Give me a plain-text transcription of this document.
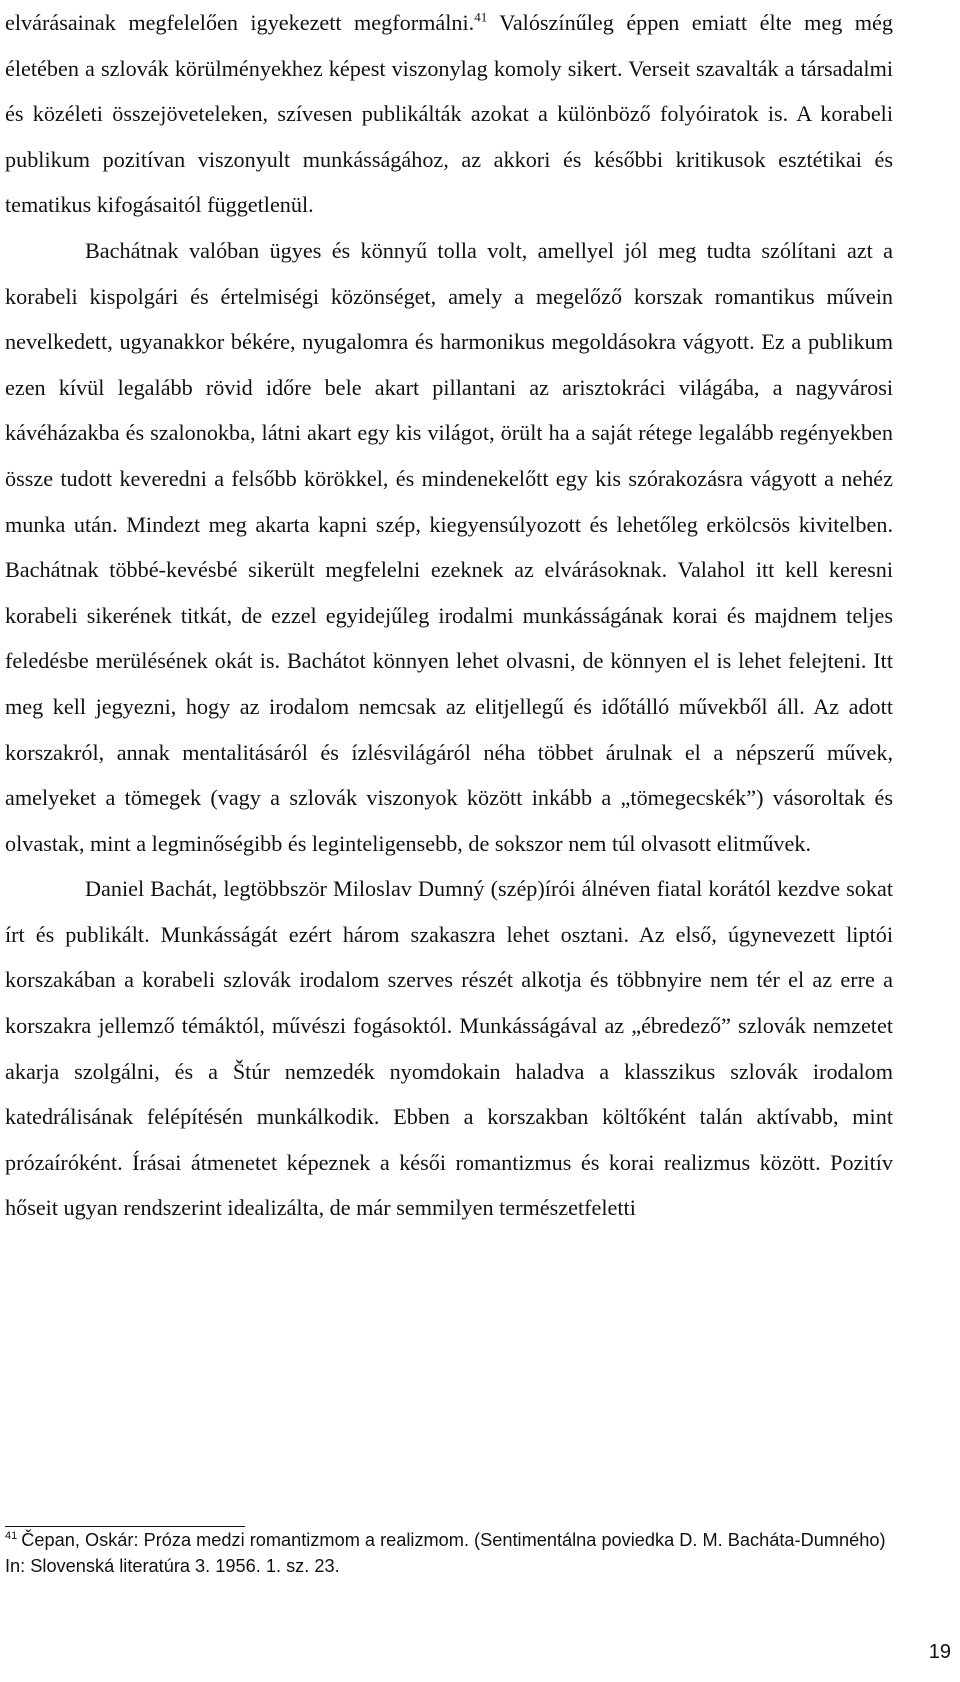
elvárásainak megfelelően igyekezett megformálni.$^{41}$ Valószínűleg éppen emiatt élte meg még életében a szlovák körülményekhez képest viszonylag komoly sikert. Verseit szavalták a társadalmi és közéleti összejöveteleken, szívesen publikálták azokat a különböző folyóiratok is. A korabeli publikum pozitívan viszonyult munkásságához, az akkori és későbbi kritikusok esztétikai és tematikus kifogásaitól függetlenül.

Bachátnak valóban ügyes és könnyű tolla volt, amellyel jól meg tudta szólítani azt a korabeli kispolgári és értelmiségi közönséget, amely a megelőző korszak romantikus művein nevelkedett, ugyanakkor békére, nyugalomra és harmonikus megoldásokra vágyott. Ez a publikum ezen kívül legalább rövid időre bele akart pillantani az arisztokráci világába, a nagyvárosi kávéházakba és szalonokba, látni akart egy kis világot, örült ha a saját rétege legalább regényekben össze tudott keveredni a felsőbb körökkel, és mindenekelőtt egy kis szórakozásra vágyott a nehéz munka után. Mindezt meg akarta kapni szép, kiegyensúlyozott és lehetőleg erkölcsös kivitelben. Bachátnak többé-kevésbé sikerült megfelelni ezeknek az elvárásoknak. Valahol itt kell keresni korabeli sikerének titkát, de ezzel egyidejűleg irodalmi munkásságának korai és majdnem teljes feledésbe merülésének okát is. Bachátot könnyen lehet olvasni, de könnyen el is lehet felejteni. Itt meg kell jegyezni, hogy az irodalom nemcsak az elitjellegű és időtálló művekből áll. Az adott korszakról, annak mentalitásáról és ízlésvilágáról néha többet árulnak el a népszerű művek, amelyeket a tömegek (vagy a szlovák viszonyok között inkább a „tömegecskék”) vásoroltak és olvastak, mint a legminőségibb és leginteligensebb, de sokszor nem túl olvasott elitművek.

Daniel Bachát, legtöbbször Miloslav Dumný (szép)írói álnéven fiatal korától kezdve sokat írt és publikált. Munkásságát ezért három szakaszra lehet osztani. Az első, úgynevezett liptói korszakában a korabeli szlovák irodalom szerves részét alkotja és többnyire nem tér el az erre a korszakra jellemző témáktól, művészi fogásoktól. Munkásságával az „ébredező” szlovák nemzetet akarja szolgálni, és a Štúr nemzedék nyomdokain haladva a klasszikus szlovák irodalom katedrálisának felépítésén munkálkodik. Ebben a korszakban költőként talán aktívabb, mint prózaíróként. Írásai átmenetet képeznek a késői romantizmus és korai realizmus között. Pozitív hőseit ugyan rendszerint idealizálta, de már semmilyen természetfeletti

$^{41}$ Čepan, Oskár: Próza medzi romantizmom a realizmom. (Sentimentálna poviedka D. M. Bacháta-Dumného) In: Slovenská literatúra 3. 1956. 1. sz. 23.

19
